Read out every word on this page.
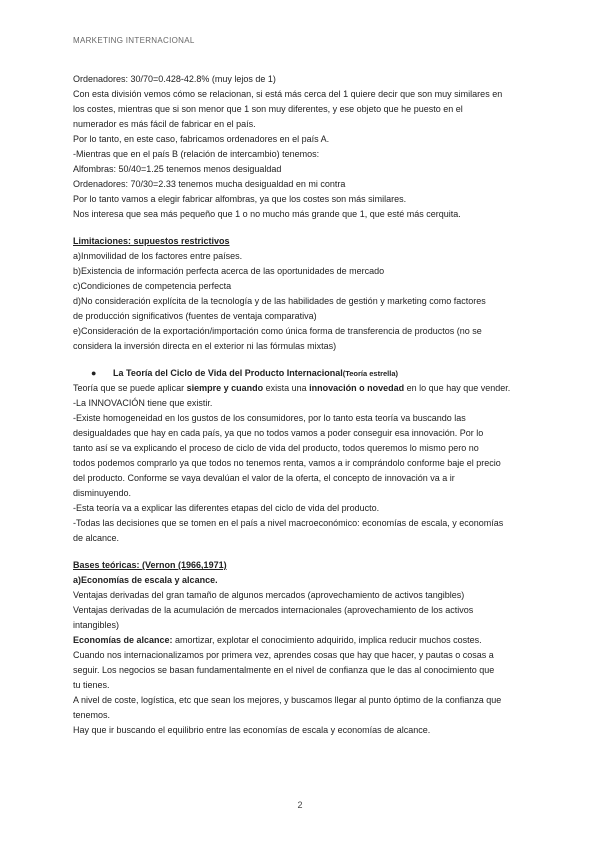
MARKETING INTERNACIONAL

Ordenadores: 30/70=0.428-42.8% (muy lejos de 1)

Con esta división vemos cómo se relacionan, si está más cerca del 1 quiere decir que son muy similares en

los costes, mientras que si son menor que 1 son muy diferentes, y ese objeto que he puesto en el

numerador es más fácil de fabricar en el país.

Por lo tanto, en este caso, fabricamos ordenadores en el país A.

-Mientras que en el país B (relación de intercambio) tenemos:

Alfombras: 50/40=1.25 tenemos menos desigualdad

Ordenadores: 70/30=2.33 tenemos mucha desigualdad en mi contra

Por lo tanto vamos a elegir fabricar alfombras, ya que los costes son más similares.

Nos interesa que sea más pequeño que 1 o no mucho más grande que 1, que esté más cerquita.

Limitaciones: supuestos restrictivos

a)Inmovilidad de los factores entre países.

b)Existencia de información perfecta acerca de las oportunidades de mercado

c)Condiciones de competencia perfecta

d)No consideración explícita de la tecnología y de las habilidades de gestión y marketing como factores

de producción significativos (fuentes de ventaja comparativa)

e)Consideración de la exportación/importación como única forma de transferencia de productos (no se

considera la inversión directa en el exterior ni las fórmulas mixtas)

● La Teoría del Ciclo de Vida del Producto Internacional(Teoría estrella)

Teoría que se puede aplicar siempre y cuando exista una innovación o novedad en lo que hay que vender.

-La INNOVACIÓN tiene que existir.

-Existe homogeneidad en los gustos de los consumidores, por lo tanto esta teoría va buscando las

desigualdades que hay en cada país, ya que no todos vamos a poder conseguir esa innovación. Por lo

tanto así se va explicando el proceso de ciclo de vida del producto, todos queremos lo mismo pero no

todos podemos comprarlo ya que todos no tenemos renta, vamos a ir comprándolo conforme baje el precio

del producto. Conforme se vaya devalúan el valor de la oferta, el concepto de innovación va a ir

disminuyendo.

-Esta teoría va a explicar las diferentes etapas del ciclo de vida del producto.

-Todas las decisiones que se tomen en el país a nivel macroeconómico: economías de escala, y economías

de alcance.

Bases teóricas: (Vernon (1966,1971)

a)Economías de escala y alcance.

Ventajas derivadas del gran tamaño de algunos mercados (aprovechamiento de activos tangibles)

Ventajas derivadas de la acumulación de mercados internacionales (aprovechamiento de los activos

intangibles)

Economías de alcance: amortizar, explotar el conocimiento adquirido, implica reducir muchos costes.

Cuando nos internacionalizamos por primera vez, aprendes cosas que hay que hacer, y pautas o cosas a

seguir. Los negocios se basan fundamentalmente en el nivel de confianza que le das al conocimiento que

tu tienes.

A nivel de coste, logística, etc que sean los mejores, y buscamos llegar al punto óptimo de la confianza que

tenemos.

Hay que ir buscando el equilibrio entre las economías de escala y economías de alcance.

2
